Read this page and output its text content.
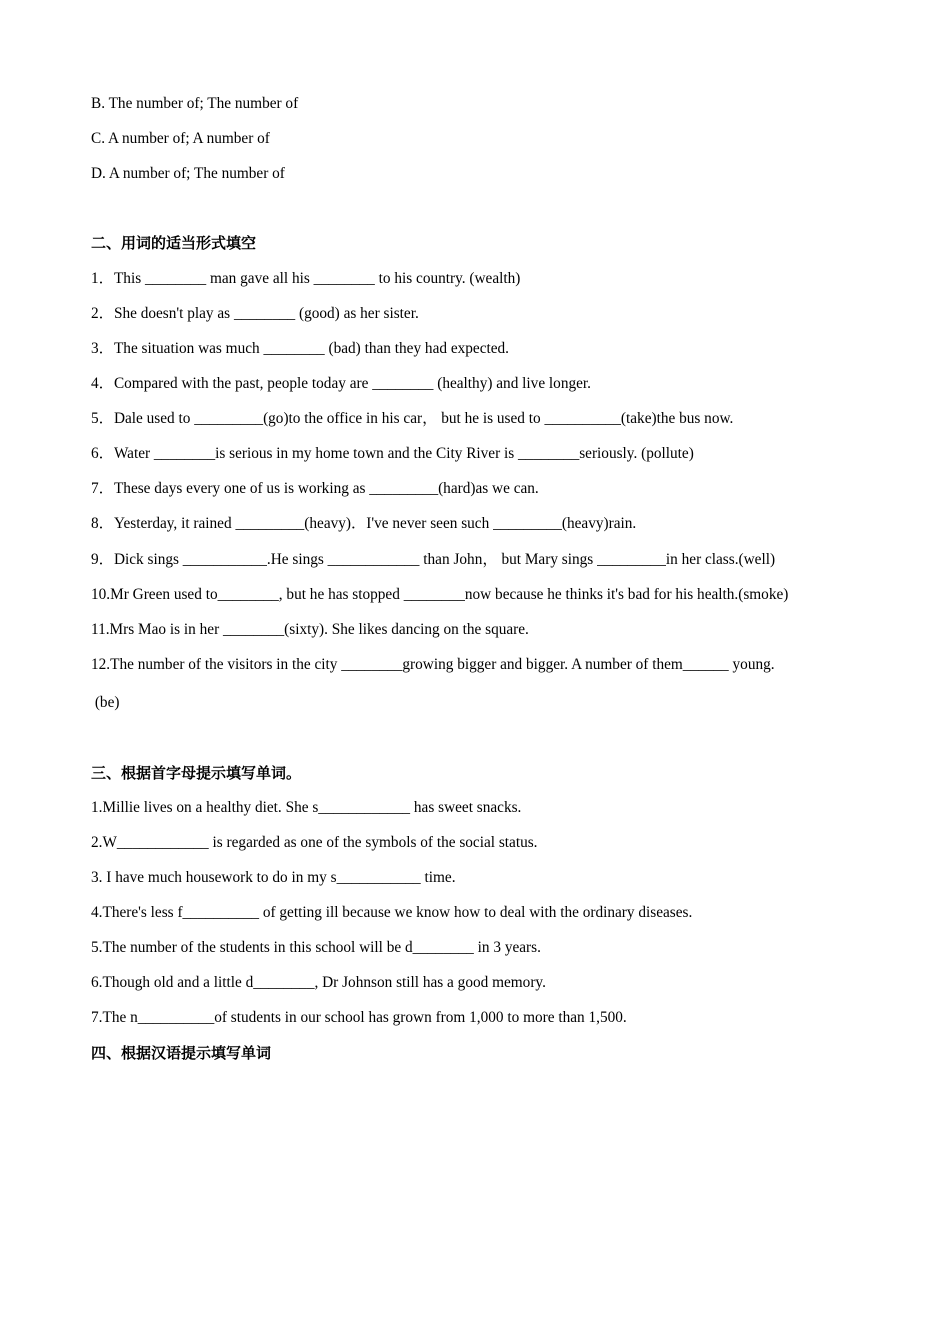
B. The number of; The number of
C. A number of; A number of
D. A number of; The number of
二、用词的适当形式填空
1．This ________ man gave all his ________ to his country. (wealth)
2．She doesn't play as ________ (good) as her sister.
3．The situation was much ________ (bad) than they had expected.
4．Compared with the past, people today are ________ (healthy) and live longer.
5．Dale used to _________(go)to the office in his car， but he is used to __________(take)the bus now.
6．Water ________is serious in my home town and the City River is ________seriously. (pollute)
7．These days every one of us is working as _________(hard)as we can.
8．Yesterday, it rained _________(heavy)．I've never seen such _________(heavy)rain.
9．Dick sings ___________.He sings ____________ than John， but Mary sings _________in her class.(well)
10.Mr Green used to________, but he has stopped ________now because he thinks it's bad for his health.(smoke)
11.Mrs Mao is in her ________(sixty). She likes dancing on the square.
12.The number of the visitors in the city ________growing bigger and bigger. A number of them______ young.
(be)
三、根据首字母提示填写单词。
1.Millie lives on a healthy diet. She s____________ has sweet snacks.
2.W____________ is regarded as one of the symbols of the social status.
3. I have much housework to do in my s___________ time.
4.There's less f__________ of getting ill because we know how to deal with the ordinary diseases.
5.The number of the students in this school will be d________ in 3 years.
6.Though old and a little d________, Dr Johnson still has a good memory.
7.The n__________of students in our school has grown from 1,000 to more than 1,500.
四、根据汉语提示填写单词
